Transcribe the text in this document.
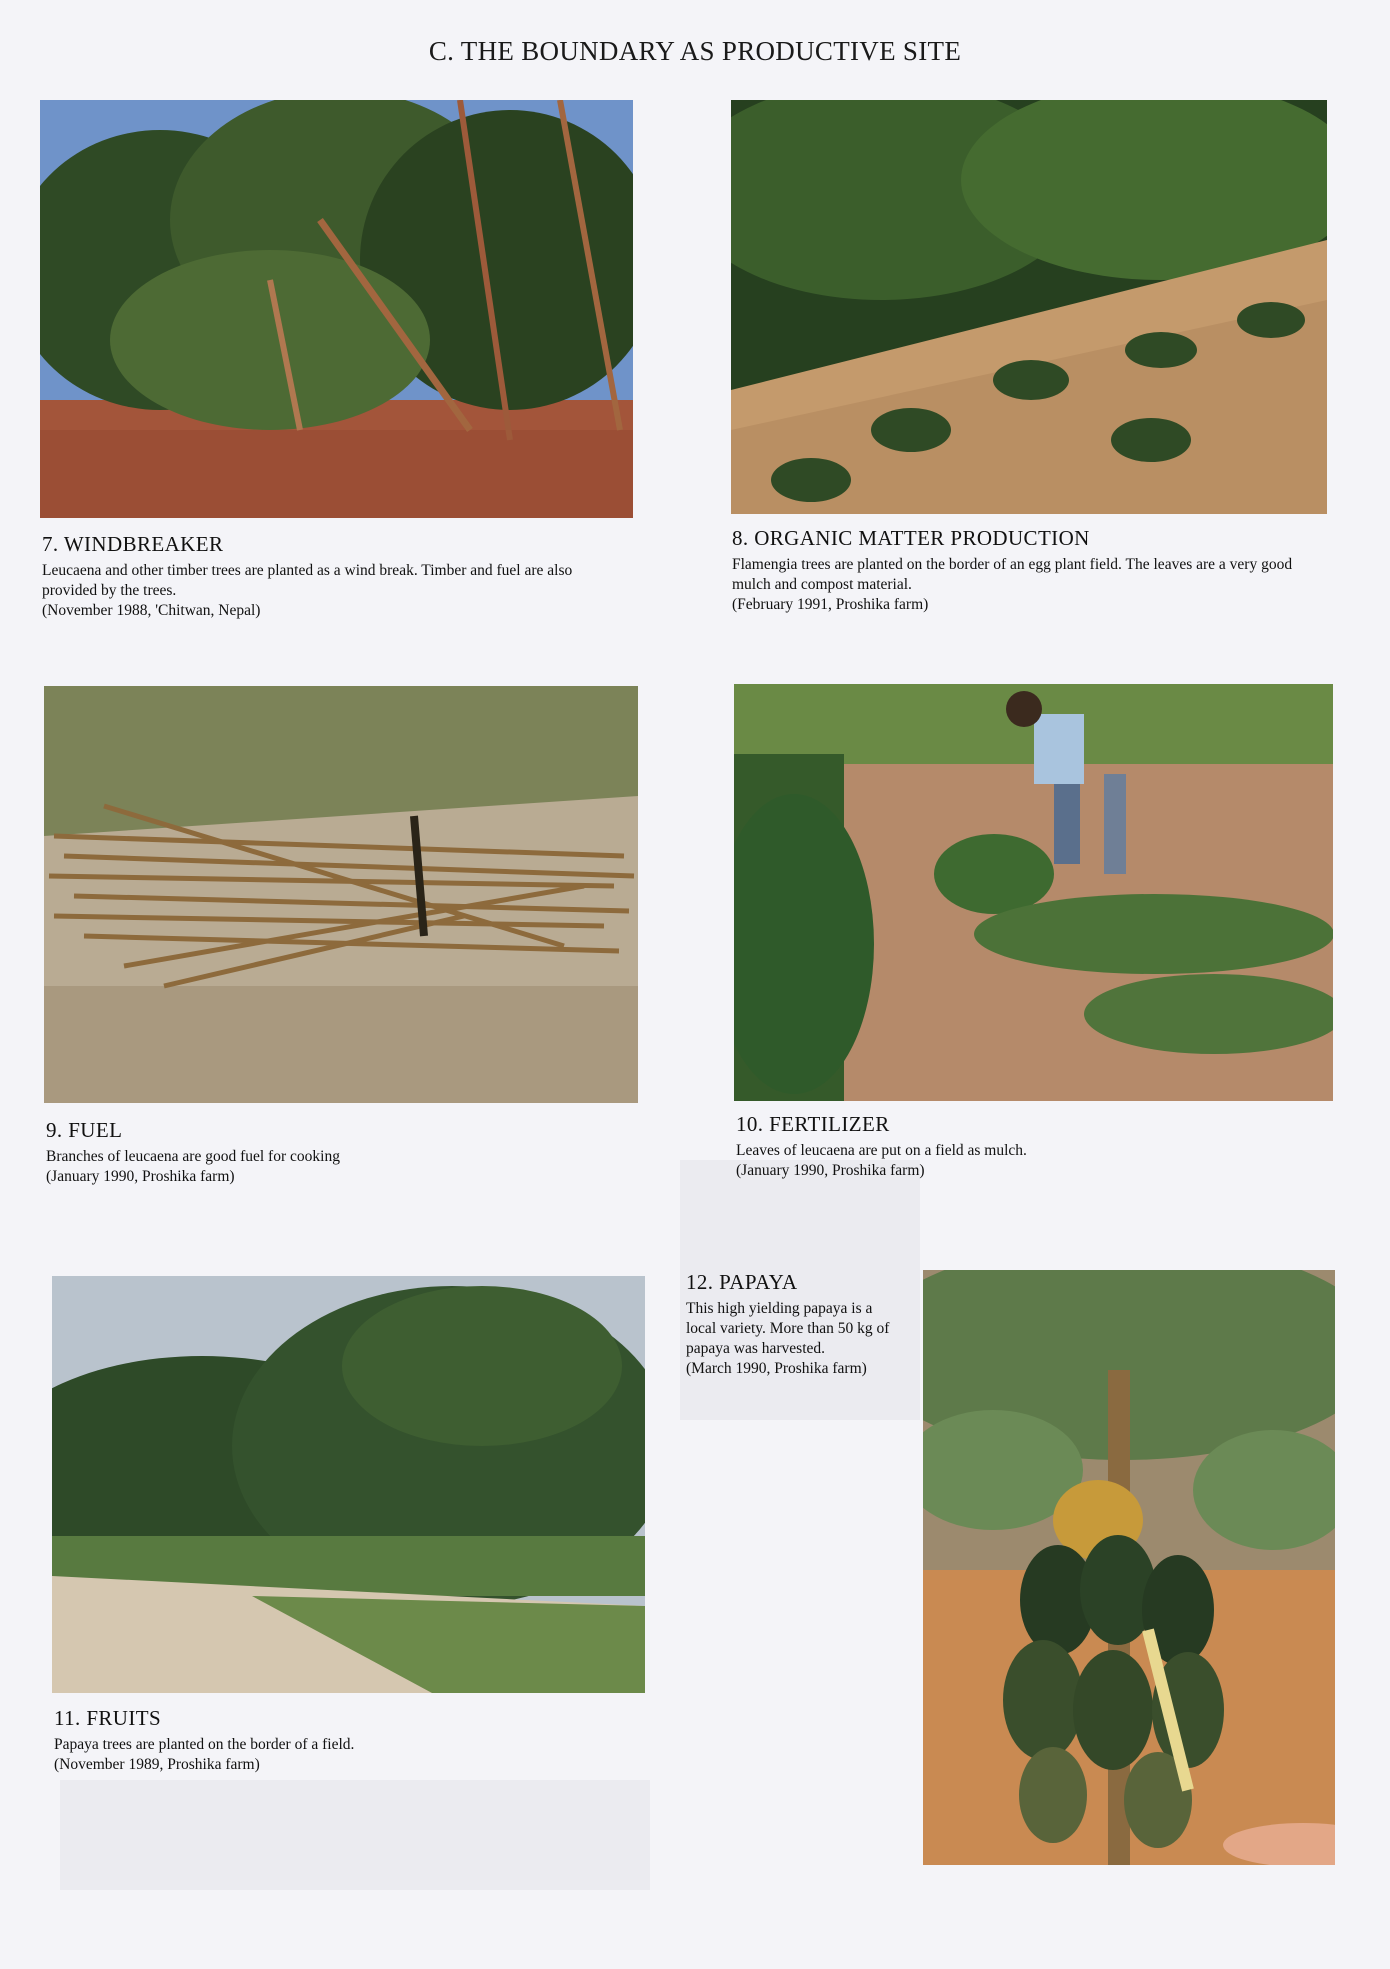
C. THE BOUNDARY AS PRODUCTIVE SITE
7. WINDBREAKER
Leucaena and other timber trees are planted as a wind break. Timber and fuel are also provided by the trees.
(November 1988, 'Chitwan, Nepal)
8. ORGANIC MATTER PRODUCTION
Flamengia trees are planted on the border of an egg plant field. The leaves are a very good mulch and compost material.
(February 1991, Proshika farm)
9. FUEL
Branches of leucaena are good fuel for cooking
(January 1990, Proshika farm)
10. FERTILIZER
Leaves of leucaena are put on a field as mulch.
(January 1990, Proshika farm)
11. FRUITS
Papaya trees are planted on the border of a field.
(November 1989, Proshika farm)
12. PAPAYA
This high yielding papaya is a local variety. More than 50 kg of papaya was harvested.
(March 1990, Proshika farm)
